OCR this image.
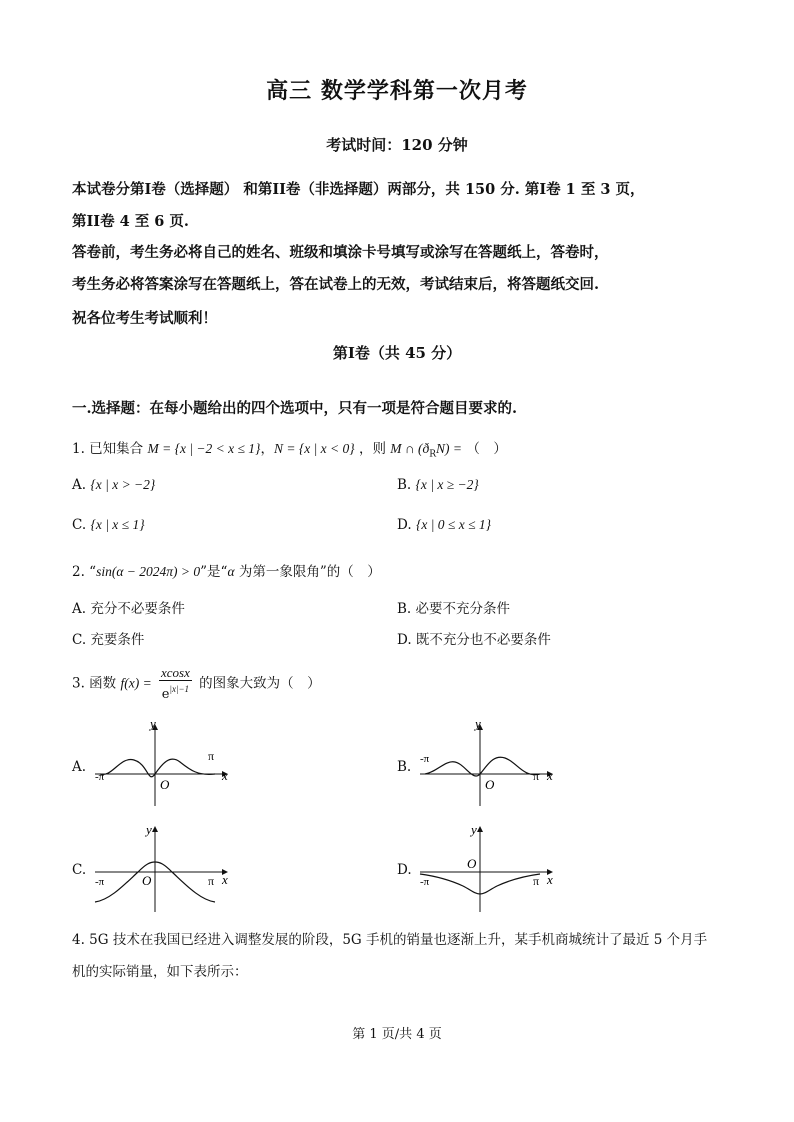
高三 数学学科第一次月考
考试时间：120 分钟
本试卷分第I卷（选择题） 和第II卷（非选择题）两部分，共 150 分. 第I卷 1 至 3 页，
第II卷 4 至 6 页.
答卷前，考生务必将自己的姓名、班级和填涂卡号填写或涂写在答题纸上，答卷时，
考生务必将答案涂写在答题纸上，答在试卷上的无效，考试结束后，将答题纸交回.
祝各位考生考试顺利！
第I卷（共 45 分）
一.选择题：在每小题给出的四个选项中，只有一项是符合题目要求的.
1. 已知集合 M = {x | −2 < x ≤ 1}，N = {x | x < 0} ，则 M ∩ $(ð_RN)$ = （　）
A. {x | x > −2}	B. {x | x ≥ −2}
C. {x | x ≤ 1}	D. {x | 0 ≤ x ≤ 1}
2. “sin(α − 2024π) > 0”是“α 为第一象限角”的（　）
A. 充分不必要条件	B. 必要不充分条件
C. 充要条件	D. 既不充分也不必要条件
3. 函数 $f(x) = \frac{xcosx}{e^{|x|-1}}$ 的图象大致为（　）
A.	B.
C.	D.
y
x
O
-π
π
y
x
O
-π
π
y
x
O
-π	π
y
x
O
-π	π
4. 5G 技术在我国已经进入调整发展的阶段，5G 手机的销量也逐渐上升，某手机商城统计了最近 5 个月手
机的实际销量，如下表所示：
第 1 页/共 4 页
